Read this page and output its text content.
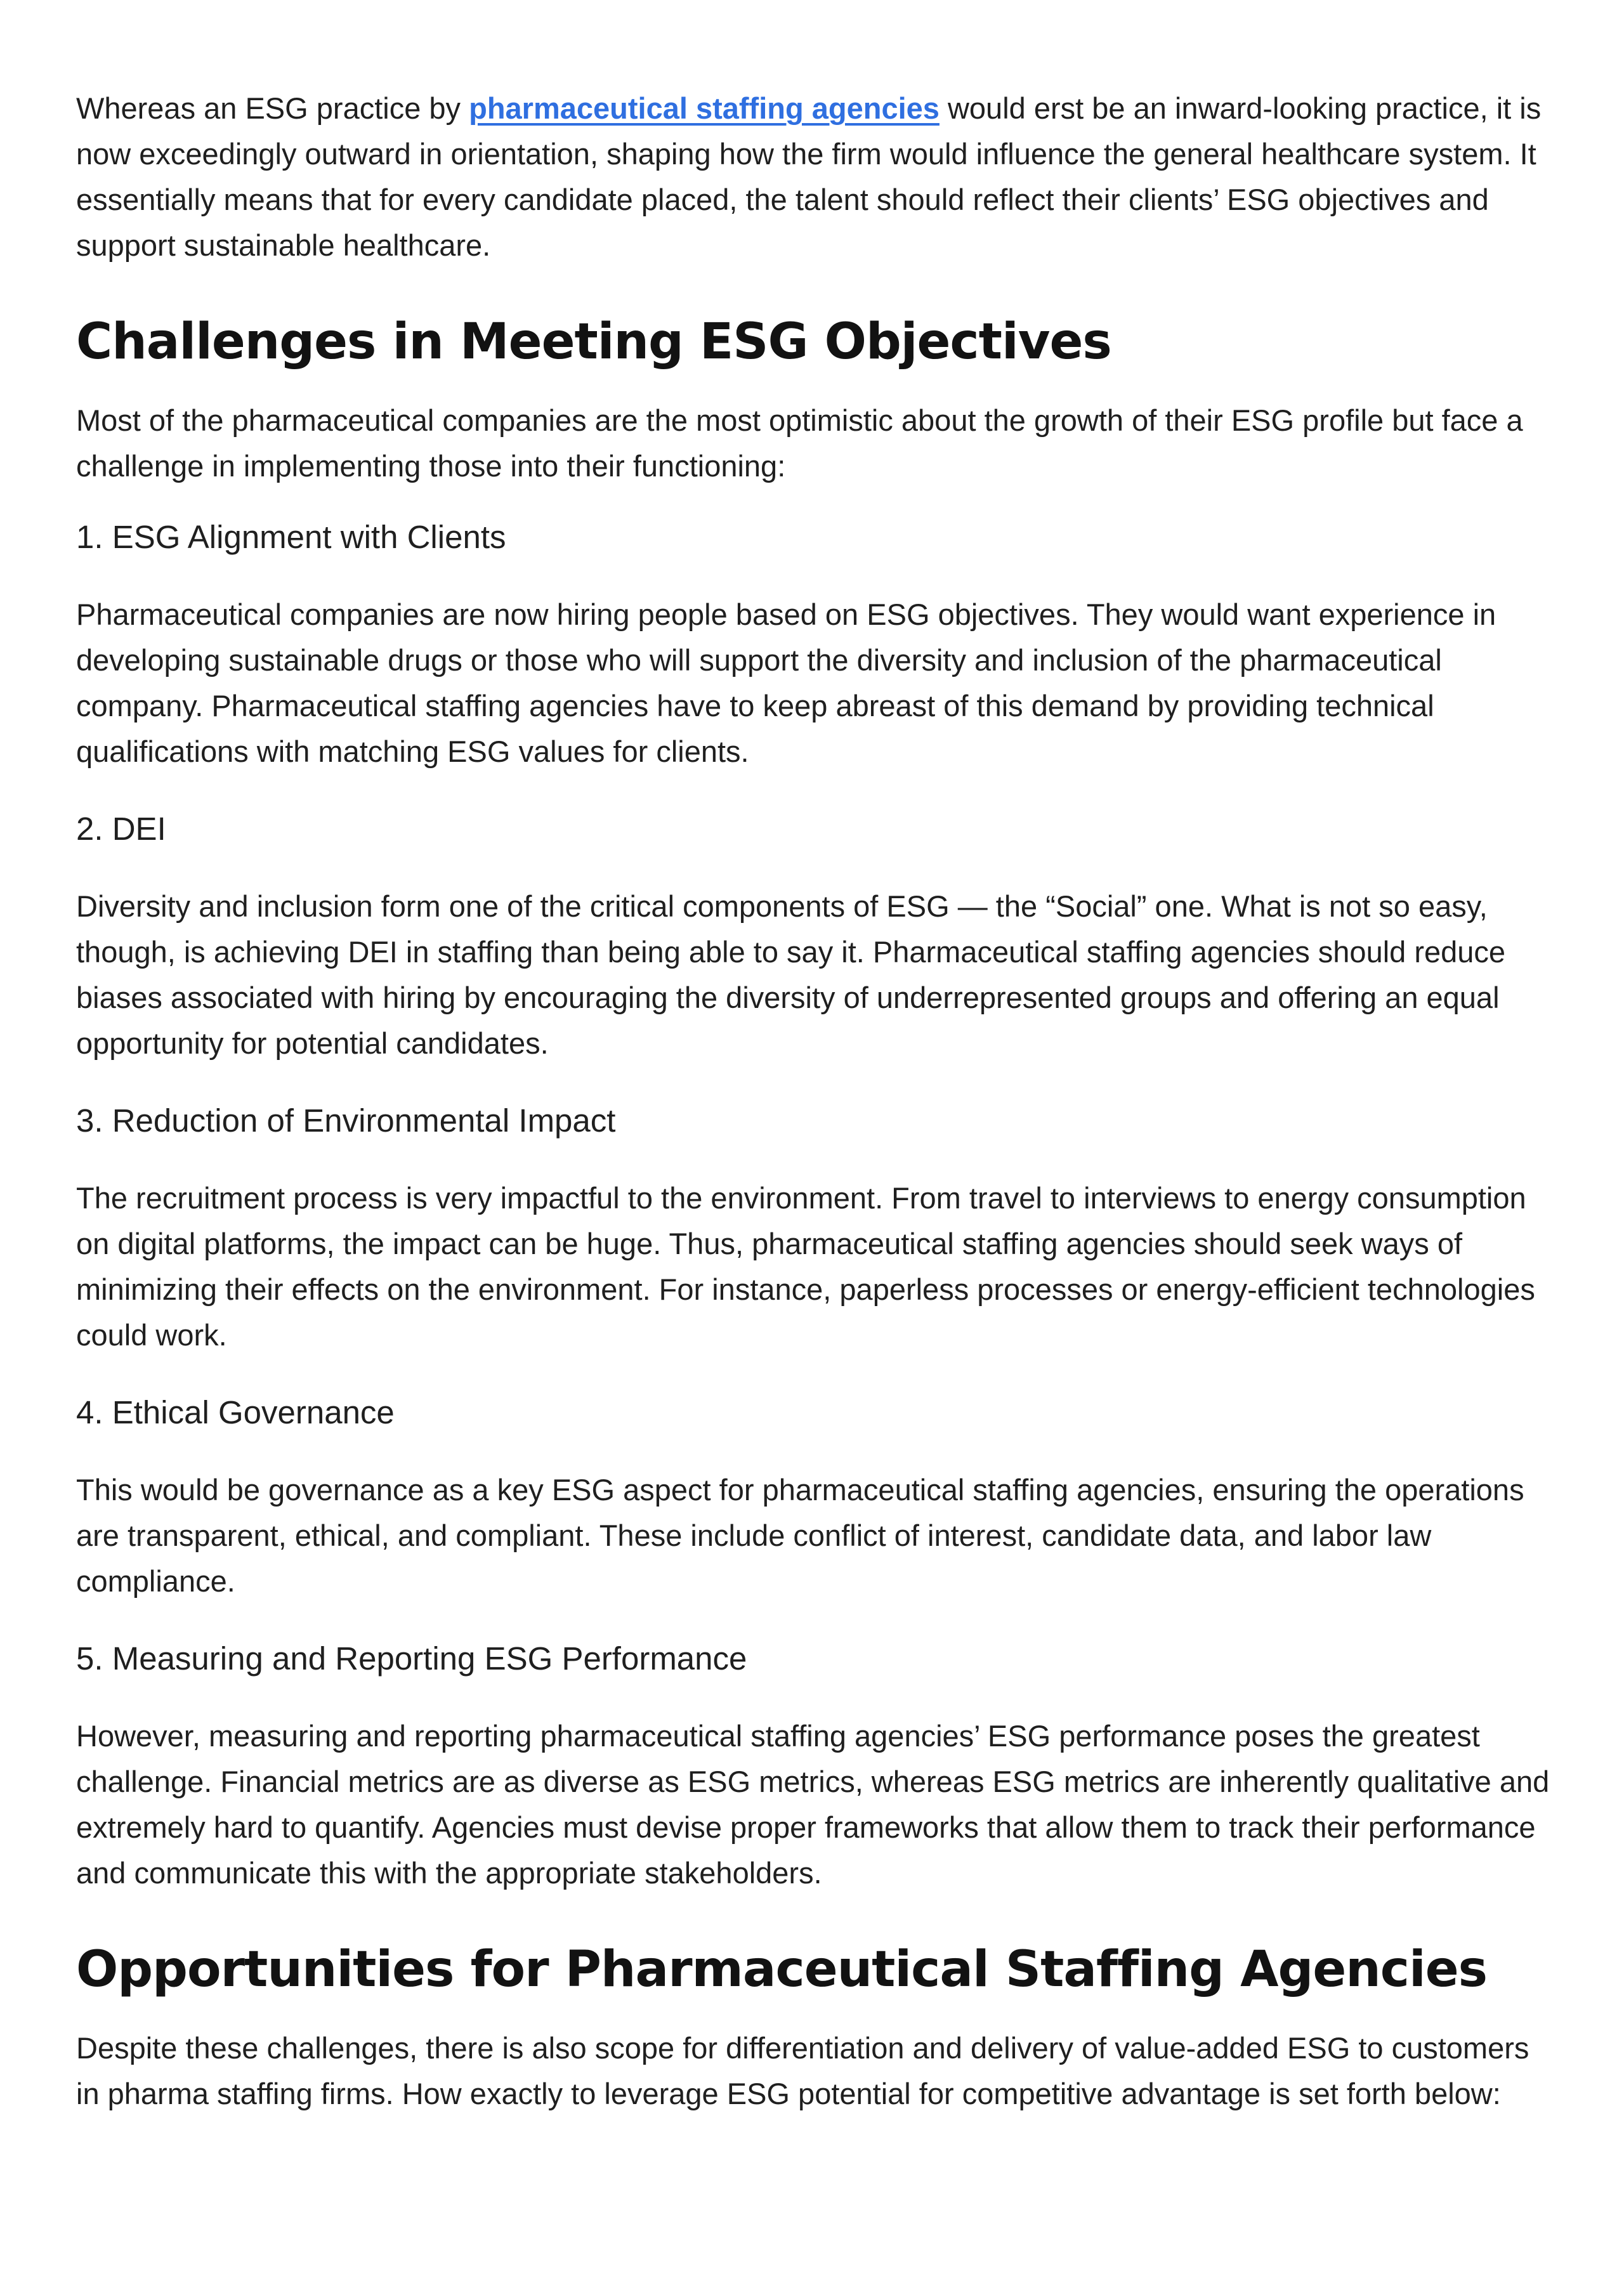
Whereas an ESG practice by pharmaceutical staffing agencies would erst be an inward-looking practice, it is now exceedingly outward in orientation, shaping how the firm would influence the general healthcare system. It essentially means that for every candidate placed, the talent should reflect their clients’ ESG objectives and support sustainable healthcare.

Challenges in Meeting ESG Objectives

Most of the pharmaceutical companies are the most optimistic about the growth of their ESG profile but face a challenge in implementing those into their functioning:

1. ESG Alignment with Clients

Pharmaceutical companies are now hiring people based on ESG objectives. They would want experience in developing sustainable drugs or those who will support the diversity and inclusion of the pharmaceutical company. Pharmaceutical staffing agencies have to keep abreast of this demand by providing technical qualifications with matching ESG values for clients.

2. DEI

Diversity and inclusion form one of the critical components of ESG — the “Social” one. What is not so easy, though, is achieving DEI in staffing than being able to say it. Pharmaceutical staffing agencies should reduce biases associated with hiring by encouraging the diversity of underrepresented groups and offering an equal opportunity for potential candidates.

3. Reduction of Environmental Impact

The recruitment process is very impactful to the environment. From travel to interviews to energy consumption on digital platforms, the impact can be huge. Thus, pharmaceutical staffing agencies should seek ways of minimizing their effects on the environment. For instance, paperless processes or energy-efficient technologies could work.

4. Ethical Governance

This would be governance as a key ESG aspect for pharmaceutical staffing agencies, ensuring the operations are transparent, ethical, and compliant. These include conflict of interest, candidate data, and labor law compliance.

5. Measuring and Reporting ESG Performance

However, measuring and reporting pharmaceutical staffing agencies’ ESG performance poses the greatest challenge. Financial metrics are as diverse as ESG metrics, whereas ESG metrics are inherently qualitative and extremely hard to quantify. Agencies must devise proper frameworks that allow them to track their performance and communicate this with the appropriate stakeholders.

Opportunities for Pharmaceutical Staffing Agencies

Despite these challenges, there is also scope for differentiation and delivery of value-added ESG to customers in pharma staffing firms. How exactly to leverage ESG potential for competitive advantage is set forth below:
